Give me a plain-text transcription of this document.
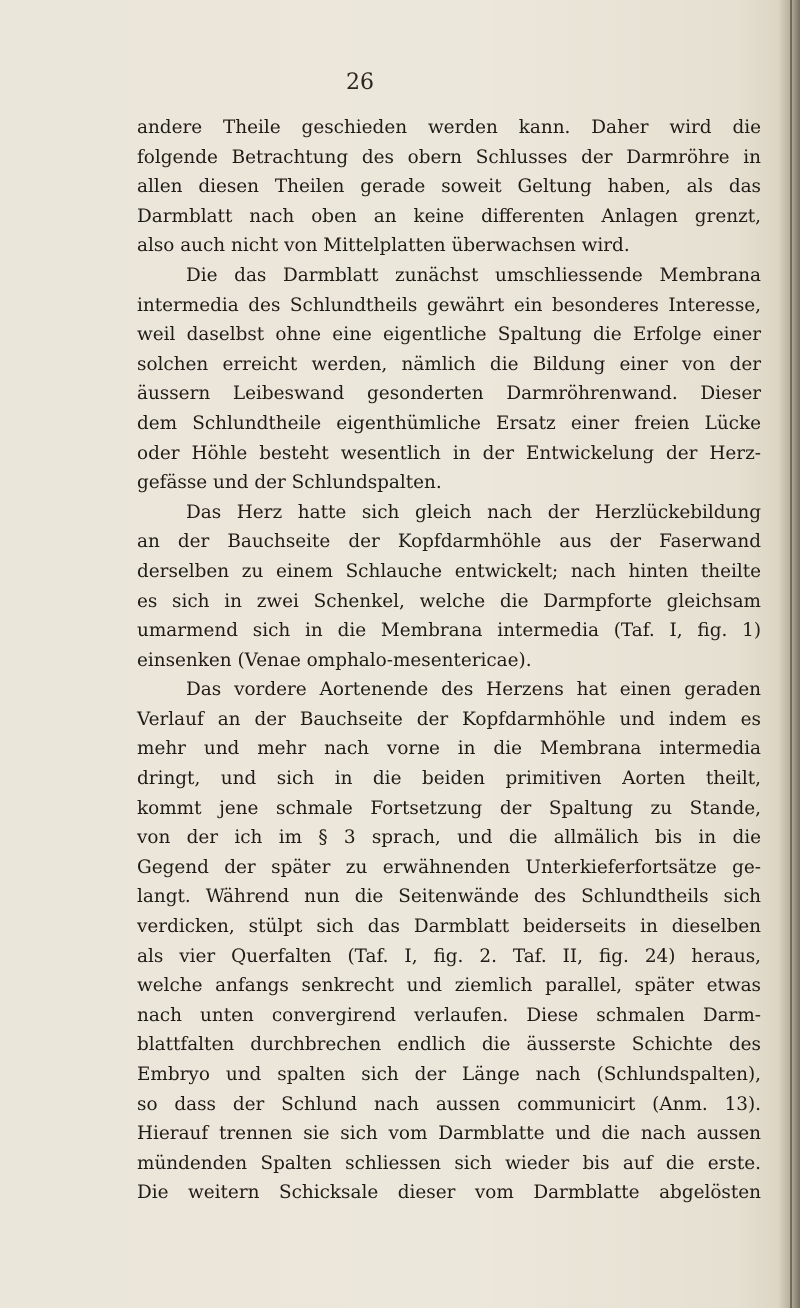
26
andere Theile geschieden werden kann. Daher wird die
folgende Betrachtung des obern Schlusses der Darmröhre in
allen diesen Theilen gerade soweit Geltung haben, als das
Darmblatt nach oben an keine differenten Anlagen grenzt,
also auch nicht von Mittelplatten überwachsen wird.
Die das Darmblatt zunächst umschliessende Membrana
intermedia des Schlundtheils gewährt ein besonderes Interesse,
weil daselbst ohne eine eigentliche Spaltung die Erfolge einer
solchen erreicht werden, nämlich die Bildung einer von der
äussern Leibeswand gesonderten Darmröhrenwand. Dieser
dem Schlundtheile eigenthümliche Ersatz einer freien Lücke
oder Höhle besteht wesentlich in der Entwickelung der Herz-
gefässe und der Schlundspalten.
Das Herz hatte sich gleich nach der Herzlückebildung
an der Bauchseite der Kopfdarmhöhle aus der Faserwand
derselben zu einem Schlauche entwickelt; nach hinten theilte
es sich in zwei Schenkel, welche die Darmpforte gleichsam
umarmend sich in die Membrana intermedia (Taf. I, fig. 1)
einsenken (Venae omphalo-mesentericae).
Das vordere Aortenende des Herzens hat einen geraden
Verlauf an der Bauchseite der Kopfdarmhöhle und indem es
mehr und mehr nach vorne in die Membrana intermedia
dringt, und sich in die beiden primitiven Aorten theilt,
kommt jene schmale Fortsetzung der Spaltung zu Stande,
von der ich im § 3 sprach, und die allmälich bis in die
Gegend der später zu erwähnenden Unterkieferfortsätze ge-
langt. Während nun die Seitenwände des Schlundtheils sich
verdicken, stülpt sich das Darmblatt beiderseits in dieselben
als vier Querfalten (Taf. I, fig. 2. Taf. II, fig. 24) heraus,
welche anfangs senkrecht und ziemlich parallel, später etwas
nach unten convergirend verlaufen. Diese schmalen Darm-
blattfalten durchbrechen endlich die äusserste Schichte des
Embryo und spalten sich der Länge nach (Schlundspalten),
so dass der Schlund nach aussen communicirt (Anm. 13).
Hierauf trennen sie sich vom Darmblatte und die nach aussen
mündenden Spalten schliessen sich wieder bis auf die erste.
Die weitern Schicksale dieser vom Darmblatte abgelösten
